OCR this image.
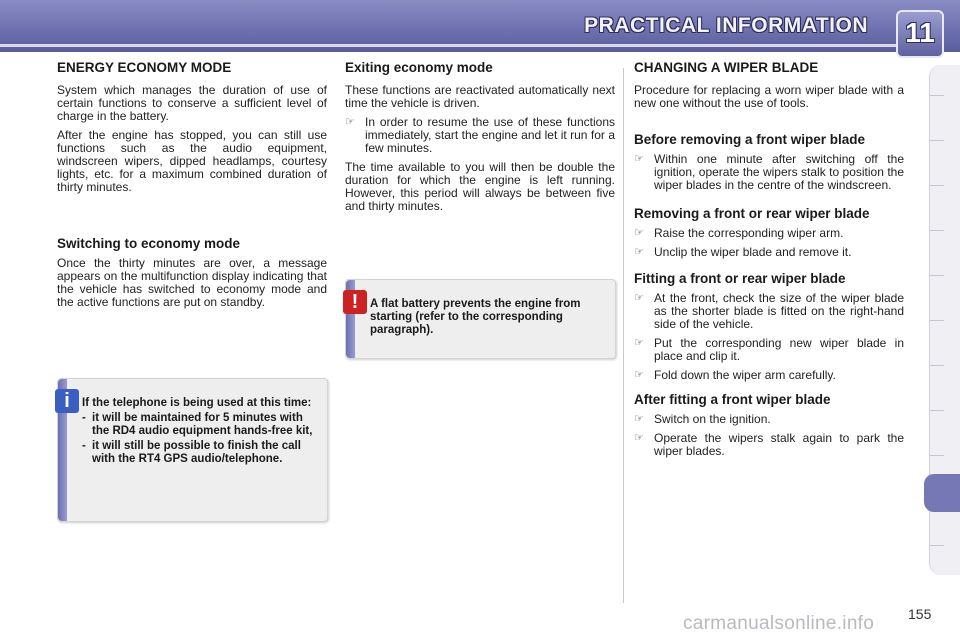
PRACTICAL INFORMATION 11
ENERGY ECONOMY MODE

System which manages the duration of use of certain functions to conserve a sufficient level of charge in the battery.

After the engine has stopped, you can still use functions such as the audio equipment, windscreen wipers, dipped headlamps, courtesy lights, etc. for a maximum combined duration of thirty minutes.

Switching to economy mode

Once the thirty minutes are over, a message appears on the multifunction display indicating that the vehicle has switched to economy mode and the active functions are put on standby.

i	If the telephone is being used at this time:
- it will be maintained for 5 minutes with the RD4 audio equipment hands-free kit,
- it will still be possible to finish the call with the RT4 GPS audio/telephone.
Exiting economy mode

These functions are reactivated automatically next time the vehicle is driven.

☞ In order to resume the use of these functions immediately, start the engine and let it run for a few minutes.

The time available to you will then be double the duration for which the engine is left running. However, this period will always be between five and thirty minutes.

!	A flat battery prevents the engine from starting (refer to the corresponding paragraph).
CHANGING A WIPER BLADE

Procedure for replacing a worn wiper blade with a new one without the use of tools.

Before removing a front wiper blade
☞ Within one minute after switching off the ignition, operate the wipers stalk to position the wiper blades in the centre of the windscreen.
Removing a front or rear wiper blade
☞ Raise the corresponding wiper arm.
☞ Unclip the wiper blade and remove it.
Fitting a front or rear wiper blade
☞ At the front, check the size of the wiper blade as the shorter blade is fitted on the right-hand side of the vehicle.
☞ Put the corresponding new wiper blade in place and clip it.
☞ Fold down the wiper arm carefully.
After fitting a front wiper blade
☞ Switch on the ignition.
☞ Operate the wipers stalk again to park the wiper blades.
155
carmanualsonline.info
